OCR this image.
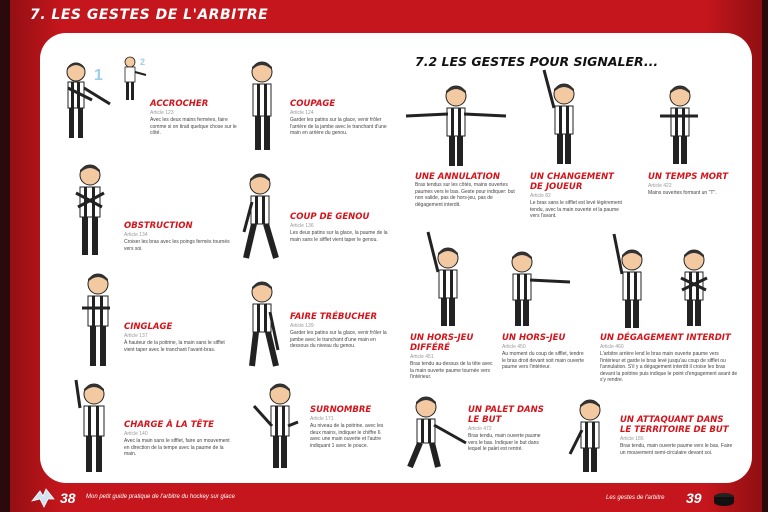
7. LES GESTES DE L'ARBITRE
7.2 LES GESTES POUR SIGNALER...
1
2
ACCROCHER
Article 123
Avec les deux mains fermées, faire comme si on tirait quelque chose sur le côté.
OBSTRUCTION
Article 134
Croiser les bras avec les poings fermés tournés vers soi.
CINGLAGE
Article 137
À hauteur de la poitrine, la main sans le sifflet vient taper avec le tranchant l'avant-bras.
CHARGE À LA TÊTE
Article 140
Avec la main sans le sifflet, faire un mouvement en direction de la tempe avec la paume de la main.
COUPAGE
Article 124
Garder les patins sur la glace, venir frôler l'arrière de la jambe avec le tranchant d'une main en arrière du genou.
COUP DE GENOU
Article 136
Les deux patins sur la glace, la paume de la main sans le sifflet vient taper le genou.
FAIRE TRÉBUCHER
Article 139
Garder les patins sur la glace, venir frôler la jambe avec le tranchant d'une main en dessous du niveau du genou.
SURNOMBRE
Article 171
Au niveau de la poitrine, avec les deux mains, indiquer le chiffre 6 avec une main ouverte et l'autre indiquant 1 avec le pouce.
UNE ANNULATION
Bras tendus sur les côtés, mains ouvertes paumes vers le bas. Geste pour indiquer: but non valide, pas de hors-jeu, pas de dégagement interdit.
UN CHANGEMENT DE JOUEUR
Article 82
Le bras sans le sifflet est levé légèrement tendu, avec la main ouverte et la paume vers l'avant.
UN TEMPS MORT
Article 422
Mains ouvertes formant un "T".
UN HORS-JEU DIFFÉRÉ
Article 451
Bras tendu au-dessus de la tête avec la main ouverte paume tournée vers l'intérieur.
UN HORS-JEU
Article 450
Au moment du coup de sifflet, tendre le bras droit devant soit main ouverte paume vers l'intérieur.
UN DÉGAGEMENT INTERDIT
Article 460
L'arbitre arrière lend le bras main ouverte paume vers l'intérieur et garde le bras levé jusqu'au coup de sifflet ou l'annulation. S'il y a dégagement interdit il croise les bras devant la poitrine puis indique le point d'engagement avant de s'y rendre.
UN PALET DANS LE BUT
Article 472
Bras tendu, main ouverte paume vers le bas. Indiquer le but dans lequel le palet est rentré.
UN ATTAQUANT DANS LE TERRITOIRE DE BUT
Article 186
Bras tendu, main ouverte paume vers le bas. Faire un mouvement semi-circulaire devant soi.
38 Mon petit guide pratique de l'arbitre du hockey sur glace	Les gestes de l'arbitre 39
